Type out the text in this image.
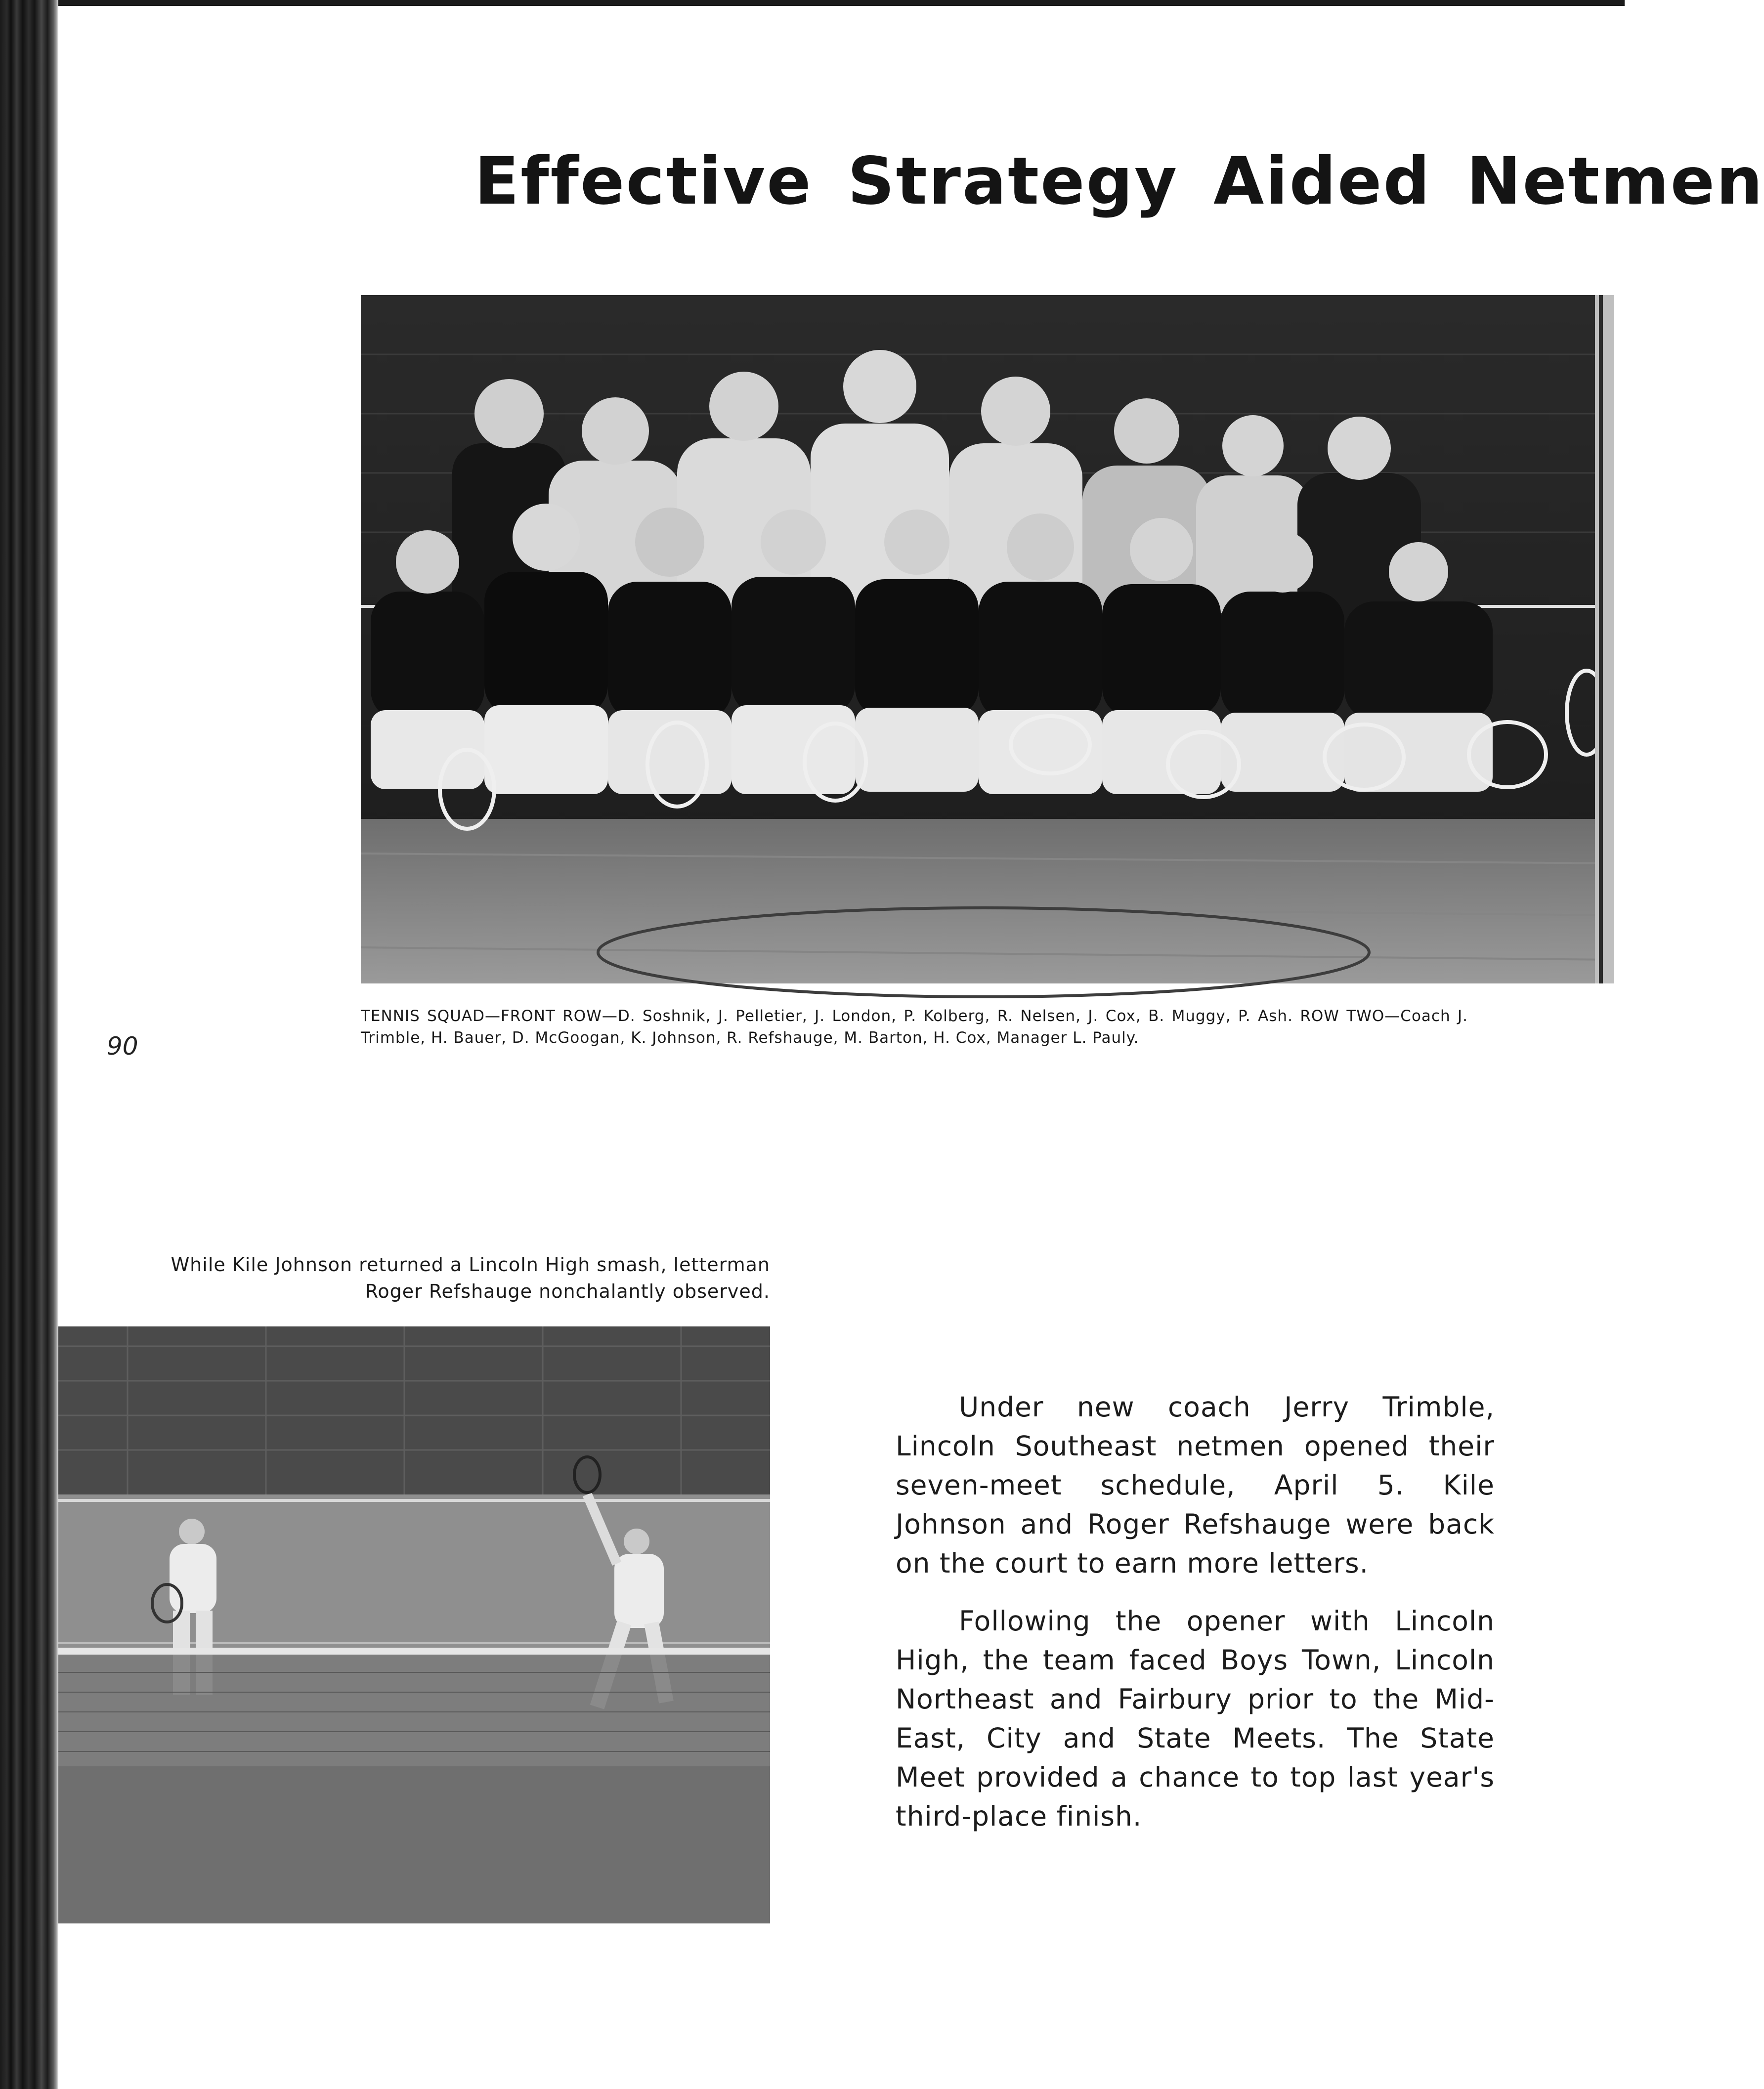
Effective Strategy Aided Netmen

TENNIS SQUAD—FRONT ROW—D. Soshnik, J. Pelletier, J. London, P. Kolberg, R. Nelsen, J. Cox, B. Muggy, P. Ash. ROW TWO—Coach J. Trimble, H. Bauer, D. McGoogan, K. Johnson, R. Refshauge, M. Barton, H. Cox, Manager L. Pauly.

90

While Kile Johnson returned a Lincoln High smash, letterman Roger Refshauge nonchalantly observed.

Under new coach Jerry Trimble, Lincoln Southeast netmen opened their seven-meet schedule, April 5. Kile Johnson and Roger Refshauge were back on the court to earn more letters.

Following the opener with Lincoln High, the team faced Boys Town, Lincoln Northeast and Fairbury prior to the Mid-East, City and State Meets. The State Meet provided a chance to top last year's third-place finish.
